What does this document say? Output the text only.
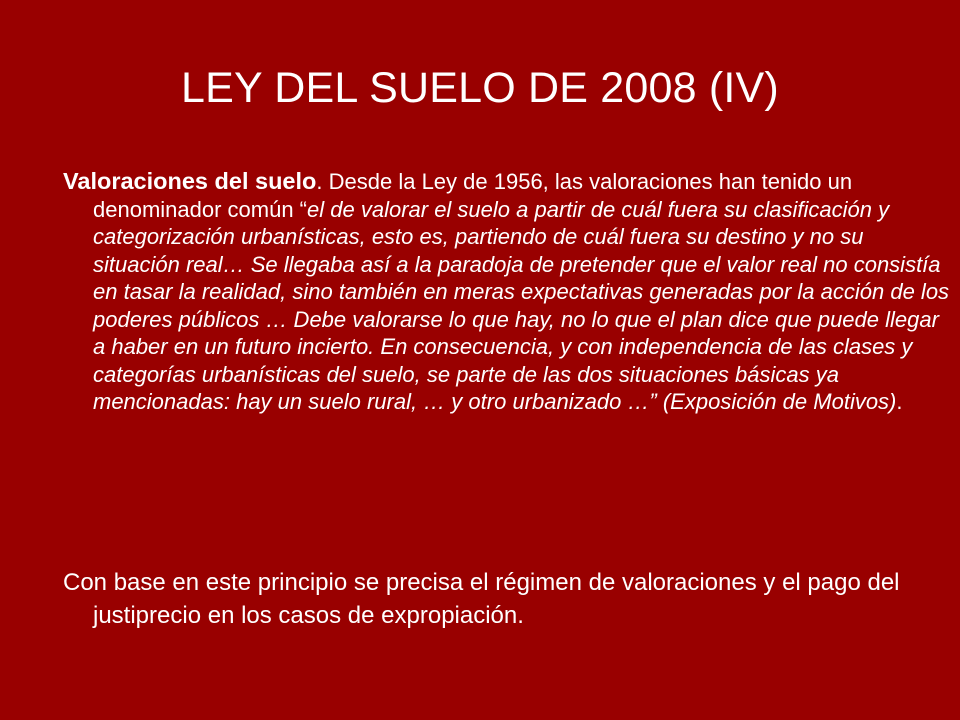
LEY DEL SUELO DE 2008 (IV)

Valoraciones del suelo. Desde la Ley de 1956, las valoraciones han tenido un denominador común “el de valorar el suelo a partir de cuál fuera su clasificación y categorización urbanísticas, esto es, partiendo de cuál fuera su destino y no su situación real… Se llegaba así a la paradoja de pretender que el valor real no consistía en tasar la realidad, sino también en meras expectativas generadas por la acción de los poderes públicos … Debe valorarse lo que hay, no lo que el plan dice que puede llegar a haber en un futuro incierto. En consecuencia, y con independencia de las clases y categorías urbanísticas del suelo, se parte de las dos situaciones básicas ya mencionadas: hay un suelo rural, … y otro urbanizado …” (Exposición de Motivos).

Con base en este principio se precisa el régimen de valoraciones y el pago del justiprecio en los casos de expropiación.
